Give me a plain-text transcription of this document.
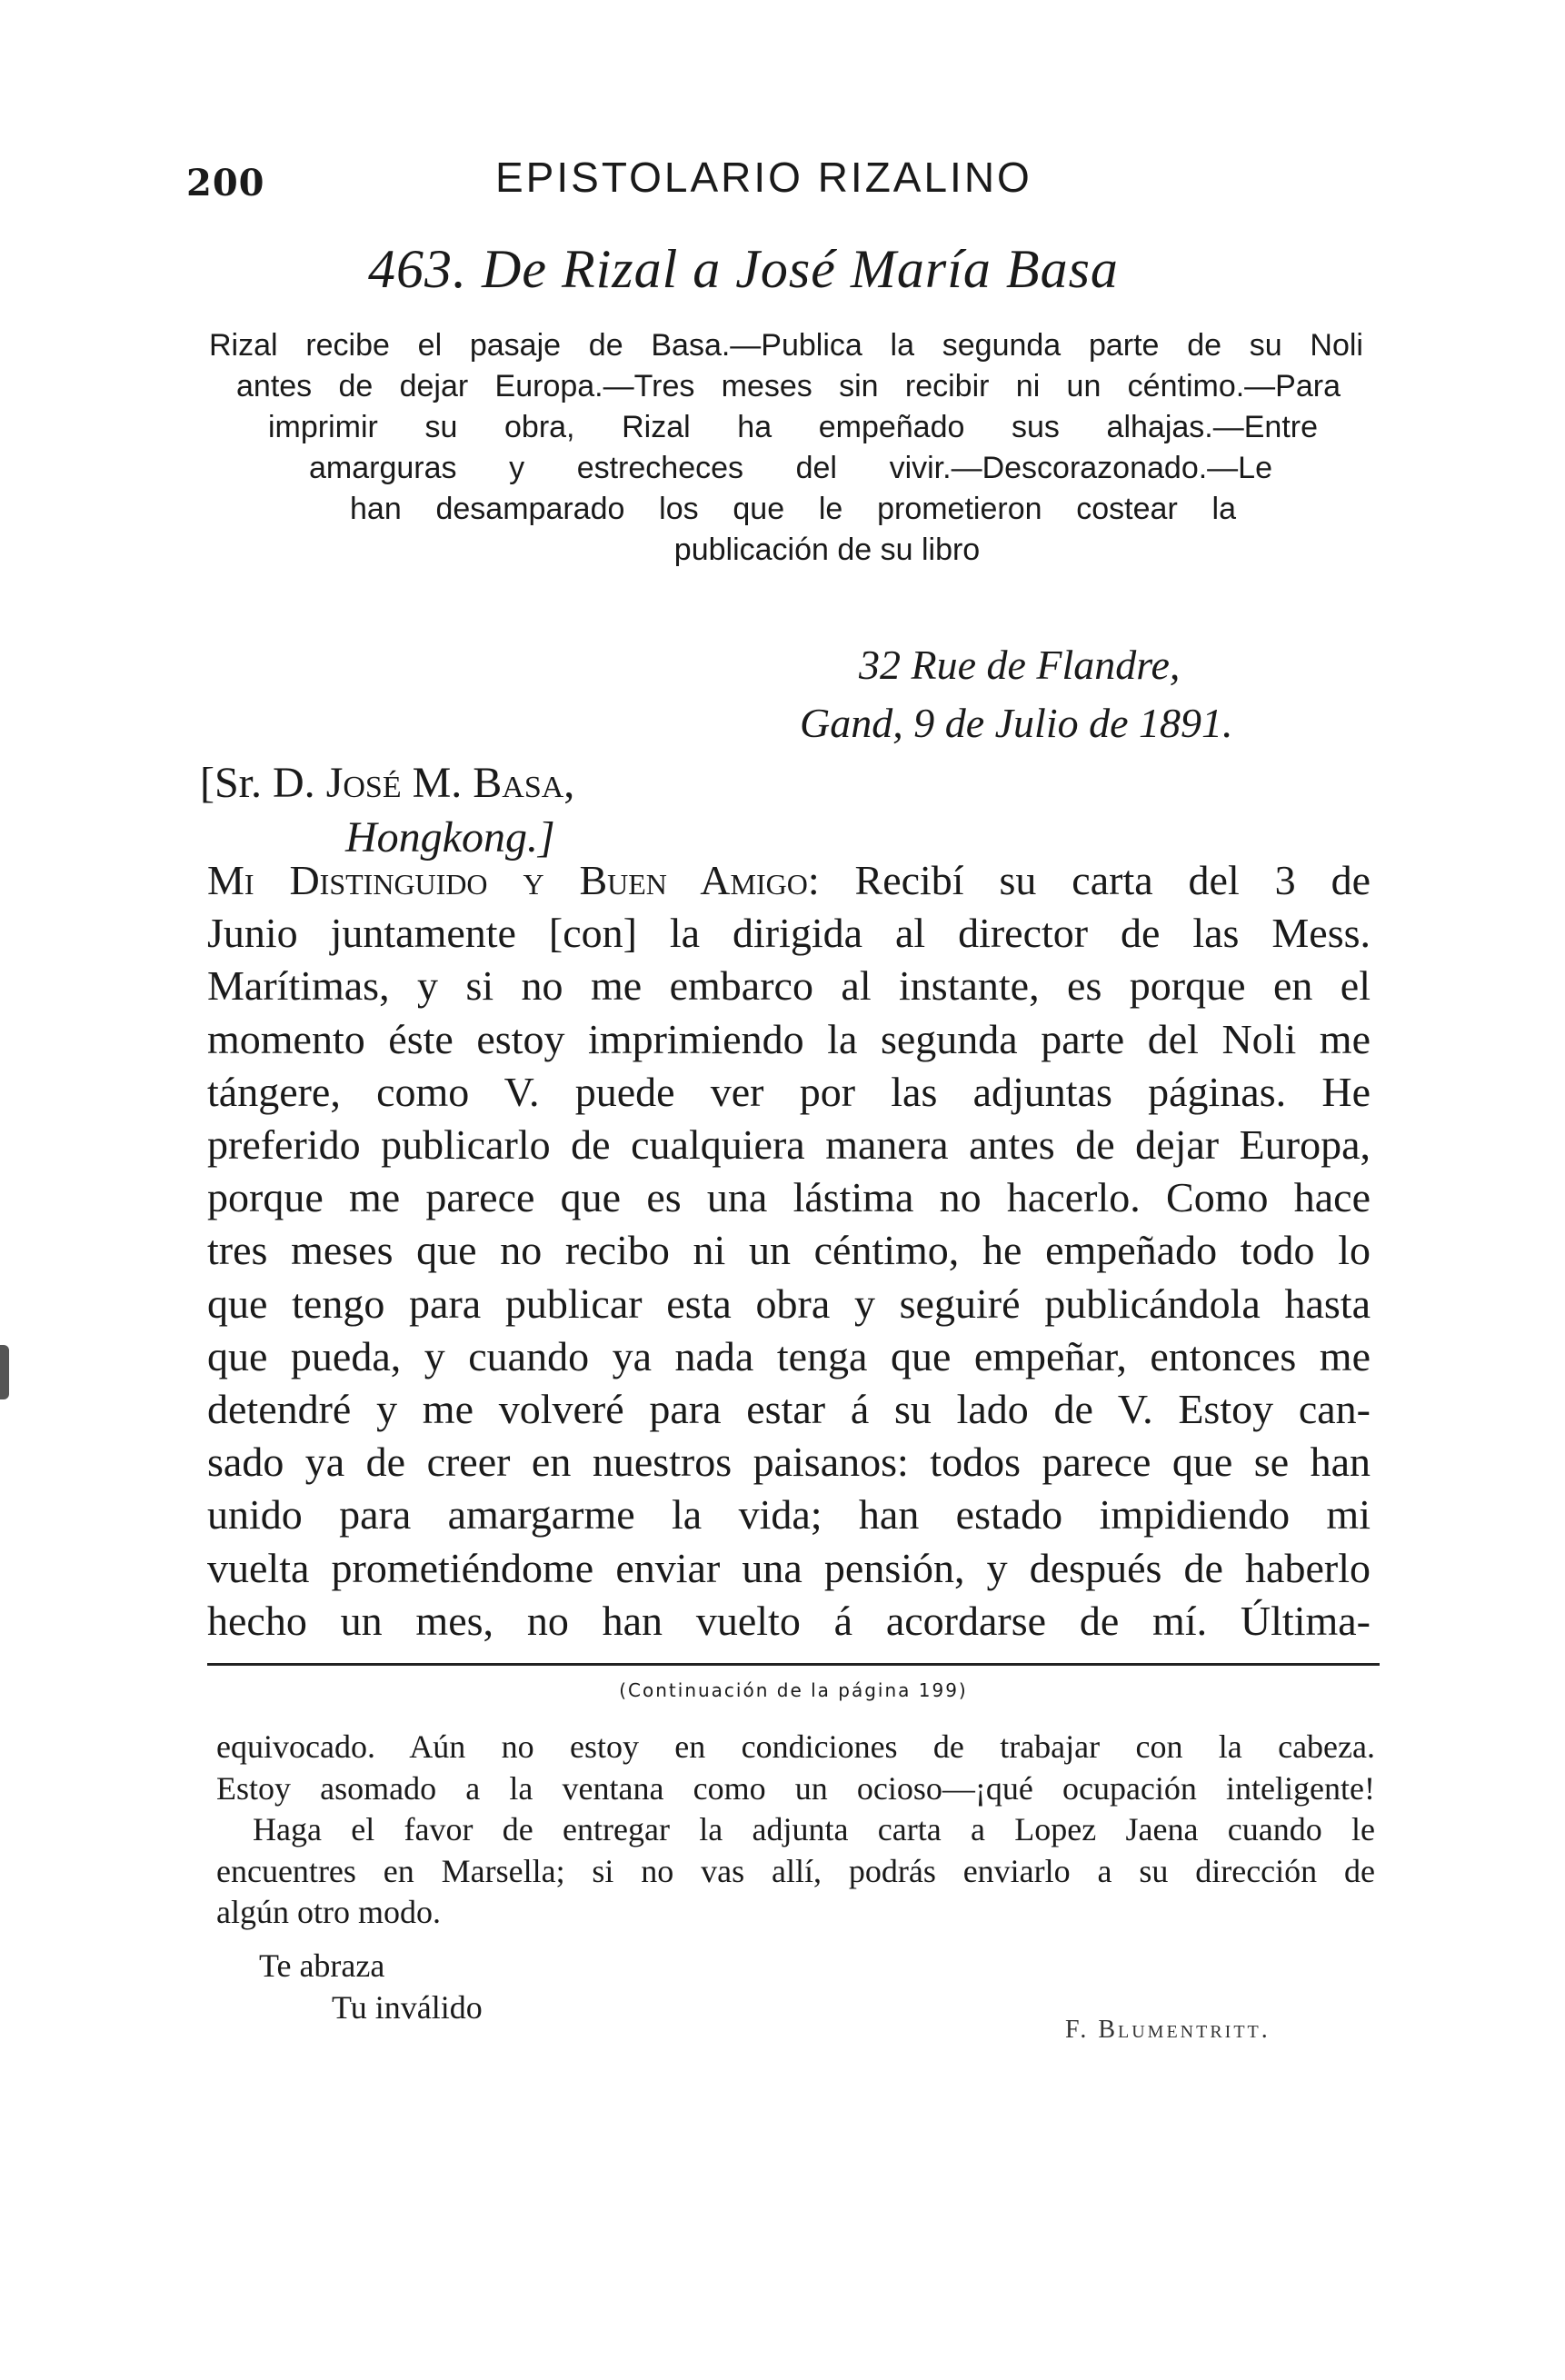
200	EPISTOLARIO RIZALINO
463. De Rizal a José María Basa
Rizal recibe el pasaje de Basa.—Publica la segunda parte de su Noli
antes de dejar Europa.—Tres meses sin recibir ni un céntimo.—Para
imprimir su obra, Rizal ha empeñado sus alhajas.—Entre
amarguras y estrecheces del vivir.—Descorazonado.—Le
han desamparado los que le prometieron costear la
publicación de su libro
32 Rue de Flandre,
Gand, 9 de Julio de 1891.
[Sr. D. José M. Basa,
Hongkong.]
Mi Distinguido y Buen Amigo: Recibí su carta del 3 de
Junio juntamente [con] la dirigida al director de las Mess.
Marítimas, y si no me embarco al instante, es porque en el
momento éste estoy imprimiendo la segunda parte del Noli me
tángere, como V. puede ver por las adjuntas páginas. He
preferido publicarlo de cualquiera manera antes de dejar Europa,
porque me parece que es una lástima no hacerlo. Como hace
tres meses que no recibo ni un céntimo, he empeñado todo lo
que tengo para publicar esta obra y seguiré publicándola hasta
que pueda, y cuando ya nada tenga que empeñar, entonces me
detendré y me volveré para estar á su lado de V. Estoy can-
sado ya de creer en nuestros paisanos: todos parece que se han
unido para amargarme la vida; han estado impidiendo mi
vuelta prometiéndome enviar una pensión, y después de haberlo
hecho un mes, no han vuelto á acordarse de mí. Última-
(Continuación de la página 199)
equivocado. Aún no estoy en condiciones de trabajar con la cabeza.
Estoy asomado a la ventana como un ocioso—¡qué ocupación inteligente!
Haga el favor de entregar la adjunta carta a Lopez Jaena cuando le
encuentres en Marsella; si no vas allí, podrás enviarlo a su dirección de
algún otro modo.
Te abraza
Tu inválido
F. Blumentritt.
